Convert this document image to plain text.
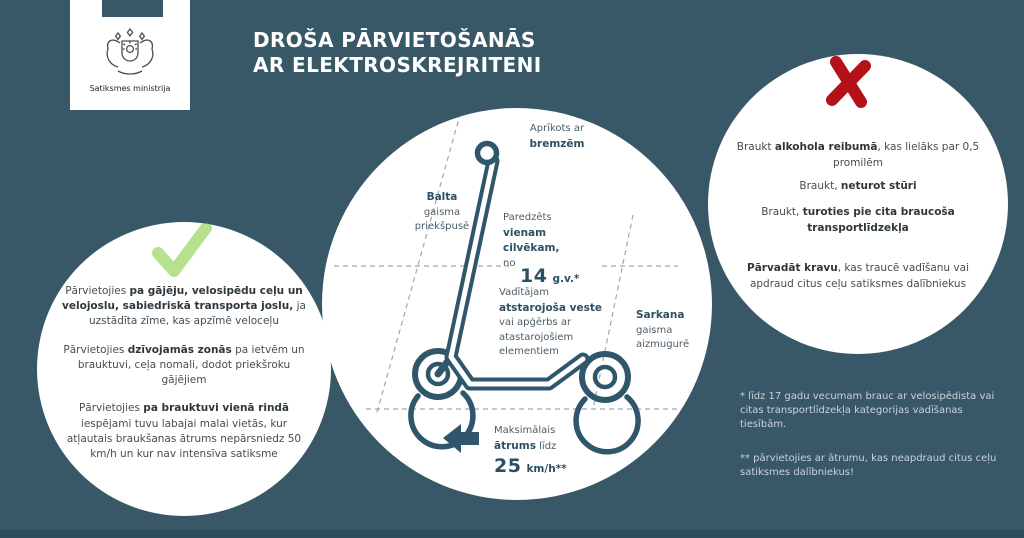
Satiksmes ministrija
DROŠA PĀRVIETOŠANĀS
AR ELEKTROSKREJRITENI

Pārvietojies pa gājēju, velosipēdu ceļu un velojoslu, sabiedriskā transporta joslu, ja uzstādīta zīme, kas apzīmē veloceļu

Pārvietojies dzīvojamās zonās pa ietvēm un brauktuvi, ceļa nomali, dodot priekšroku gājējiem

Pārvietojies pa brauktuvi vienā rindā iespējami tuvu labajai malai vietās, kur atļautais braukšanas ātrums nepārsniedz 50 km/h un kur nav intensīva satiksme

Aprīkots ar
bremzēm
Balta
gaisma
priekšpusē
Paredzēts
vienam
cilvēkam,
no
14 g.v.*
Vadītājam
atstarojoša veste
vai apģērbs ar
atastarojošiem
elementiem
Sarkana
gaisma
aizmugurē
Maksimālais
ātrums līdz
25 km/h**

Braukt alkohola reibumā, kas lielāks par 0,5 promilēm

Braukt, neturot stūri

Braukt, turoties pie cita braucoša transportlīdzekļa

Pārvadāt kravu, kas traucē vadīšanu vai apdraud citus ceļu satiksmes dalībniekus

* līdz 17 gadu vecumam brauc ar velosipēdista vai citas transportlīdzekļa kategorijas vadīšanas tiesībām.
** pārvietojies ar ātrumu, kas neapdraud citus ceļu satiksmes dalībniekus!
